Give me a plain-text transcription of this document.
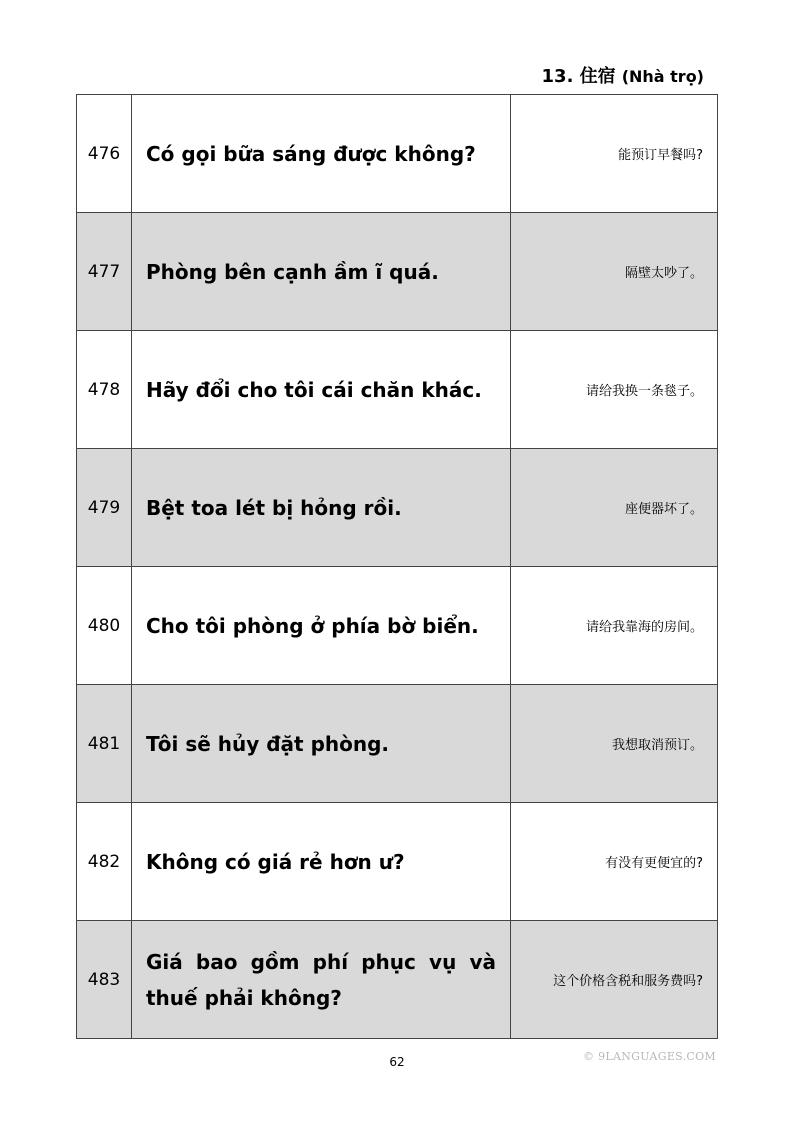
13. 住宿 (Nhà trọ)
476	Có gọi bữa sáng được không?	能预订早餐吗?
477	Phòng bên cạnh ầm ĩ quá.	隔壁太吵了。
478	Hãy đổi cho tôi cái chăn khác.	请给我换一条毯子。
479	Bệt toa lét bị hỏng rồi.	座便器坏了。
480	Cho tôi phòng ở phía bờ biển.	请给我靠海的房间。
481	Tôi sẽ hủy đặt phòng.	我想取消预订。
482	Không có giá rẻ hơn ư?	有没有更便宜的?
483	Giá bao gồm phí phục vụ và thuế phải không?	这个价格含税和服务费吗?
62	© 9LANGUAGES.COM
